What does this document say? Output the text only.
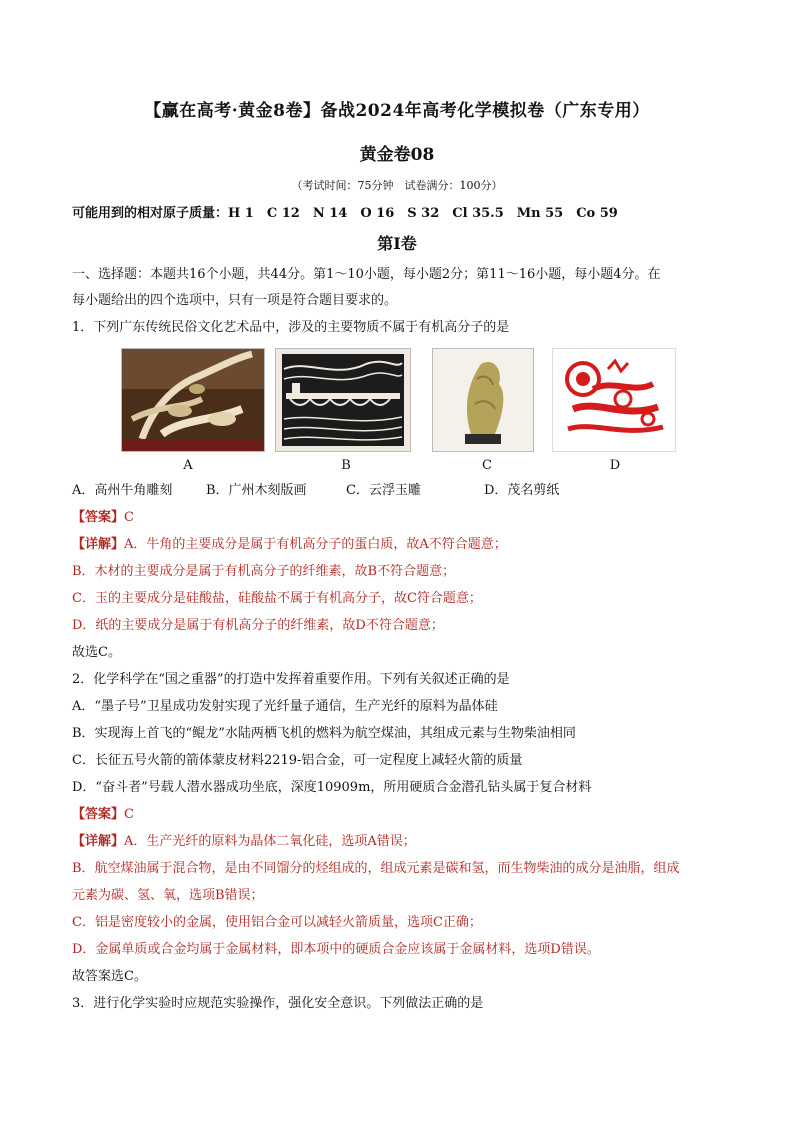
【赢在高考·黄金8卷】备战2024年高考化学模拟卷（广东专用）
黄金卷08
（考试时间：75分钟　试卷满分：100分）
可能用到的相对原子质量：H 1　C 12　N 14　O 16　S 32　Cl 35.5　Mn 55　Co 59
第Ⅰ卷
一、选择题：本题共16个小题，共44分。第1～10小题，每小题2分；第11～16小题，每小题4分。在
每小题给出的四个选项中，只有一项是符合题目要求的。
1．下列广东传统民俗文化艺术品中，涉及的主要物质不属于有机高分子的是
A	B	C	D
A．高州牛角雕刻	B．广州木刻版画	C．云浮玉雕	D．茂名剪纸
【答案】C
【详解】A．牛角的主要成分是属于有机高分子的蛋白质，故A不符合题意；
B．木材的主要成分是属于有机高分子的纤维素，故B不符合题意；
C．玉的主要成分是硅酸盐，硅酸盐不属于有机高分子，故C符合题意；
D．纸的主要成分是属于有机高分子的纤维素，故D不符合题意；
故选C。
2．化学科学在“国之重器”的打造中发挥着重要作用。下列有关叙述正确的是
A．“墨子号”卫星成功发射实现了光纤量子通信，生产光纤的原料为晶体硅
B．实现海上首飞的“鲲龙”水陆两栖飞机的燃料为航空煤油，其组成元素与生物柴油相同
C．长征五号火箭的箭体蒙皮材料2219-铝合金，可一定程度上减轻火箭的质量
D．“奋斗者”号载人潜水器成功坐底，深度10909m，所用硬质合金潜孔钻头属于复合材料
【答案】C
【详解】A．生产光纤的原料为晶体二氧化硅，选项A错误；
B．航空煤油属于混合物，是由不同馏分的烃组成的，组成元素是碳和氢，而生物柴油的成分是油脂，组成
元素为碳、氢、氧，选项B错误；
C．铝是密度较小的金属，使用铝合金可以减轻火箭质量，选项C正确；
D．金属单质或合金均属于金属材料，即本项中的硬质合金应该属于金属材料，选项D错误。
故答案选C。
3．进行化学实验时应规范实验操作，强化安全意识。下列做法正确的是
